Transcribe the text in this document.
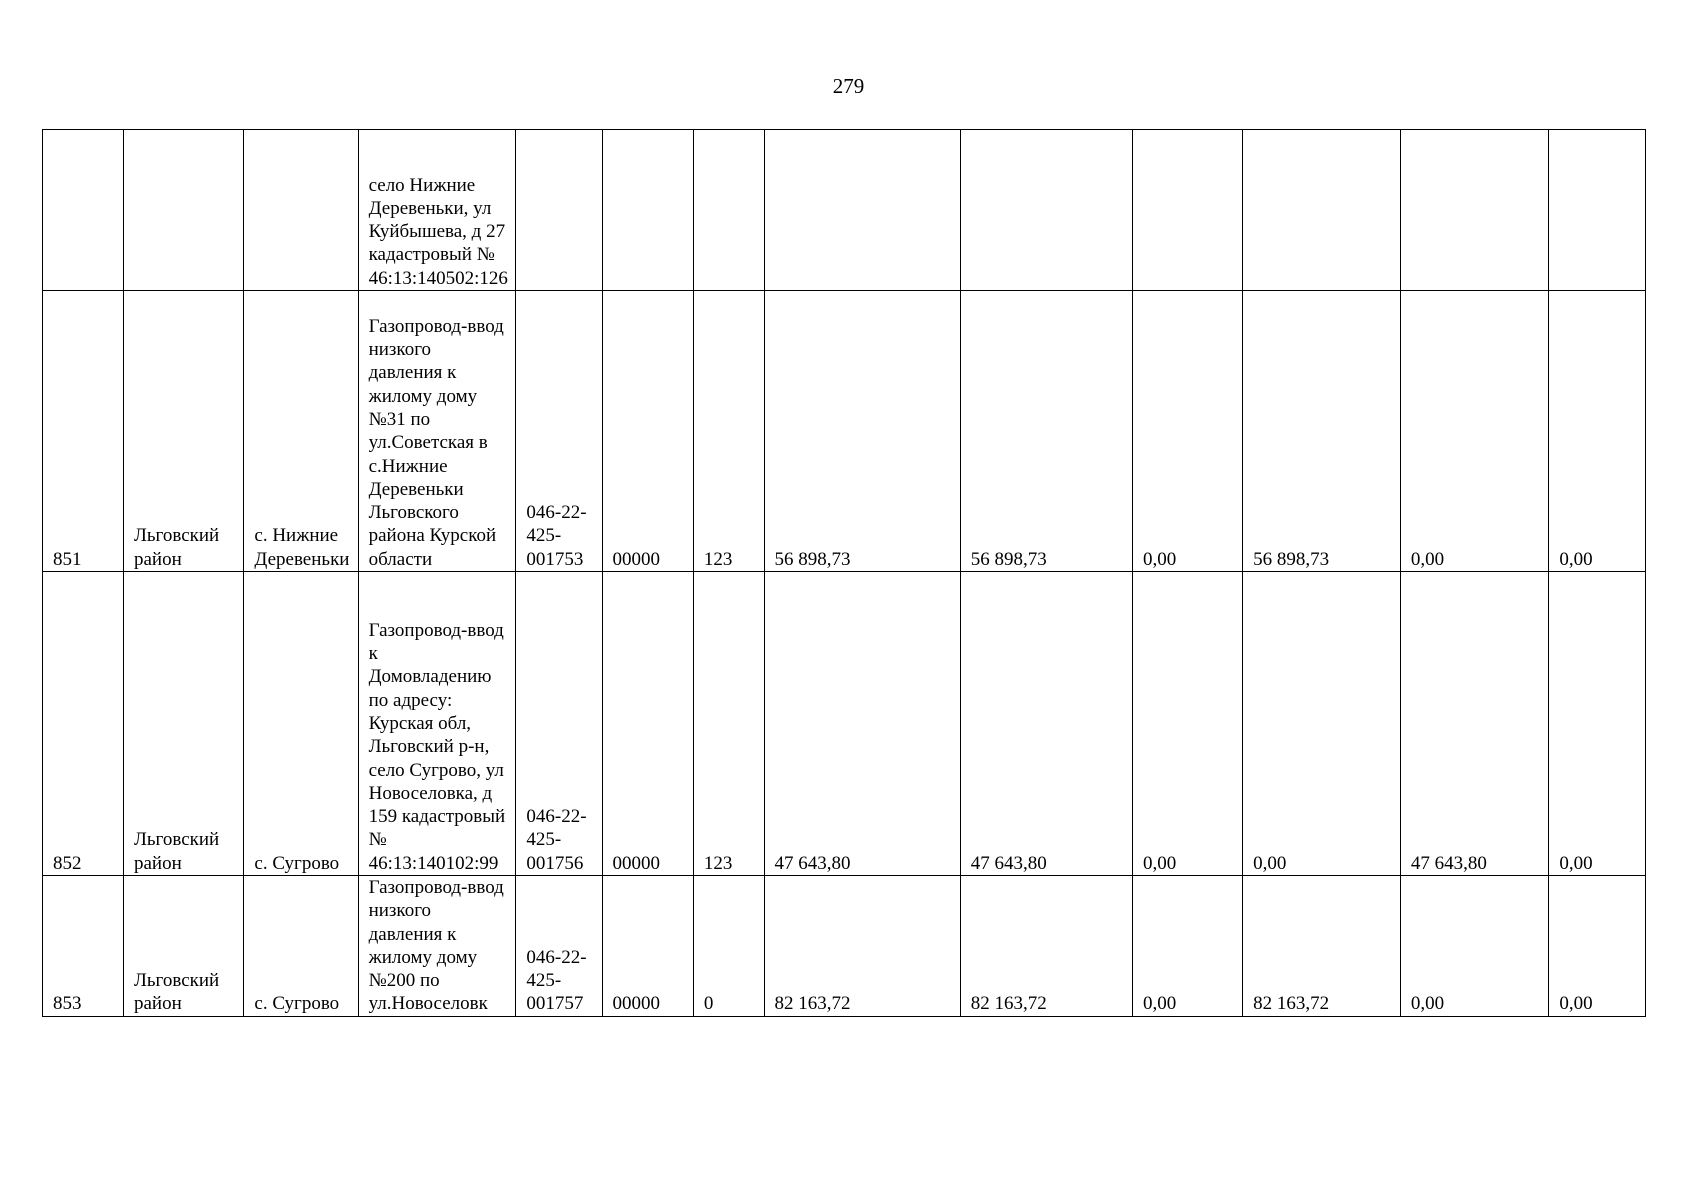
279
			село Нижние Деревеньки, ул Куйбышева, д 27 кадастровый № 46:13:140502:126									
851	Льговский район	с. Нижние Деревеньки	Газопровод-ввод низкого давления к жилому дому №31 по ул.Советская в с.Нижние Деревеньки Льговского района Курской области	046-22-425-001753	00000	123	56 898,73	56 898,73	0,00	56 898,73	0,00	0,00
852	Льговский район	с. Сугрово	Газопровод-ввод к Домовладению по адресу: Курская обл, Льговский р-н, село Сугрово, ул Новоселовка, д 159 кадастровый № 46:13:140102:99	046-22-425-001756	00000	123	47 643,80	47 643,80	0,00	0,00	47 643,80	0,00
853	Льговский район	с. Сугрово	Газопровод-ввод низкого давления к жилому дому №200 по ул.Новоселовк	046-22-425-001757	00000	0	82 163,72	82 163,72	0,00	82 163,72	0,00	0,00
